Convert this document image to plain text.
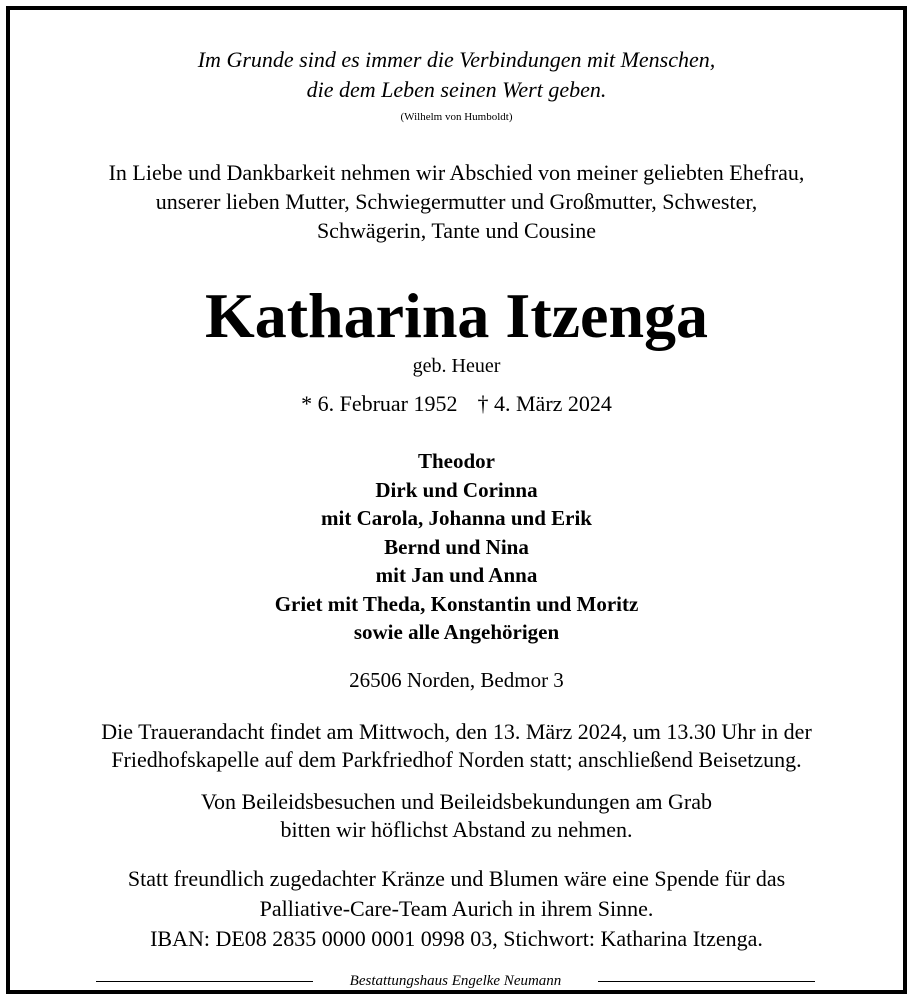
Im Grunde sind es immer die Verbindungen mit Menschen,
die dem Leben seinen Wert geben.
(Wilhelm von Humboldt)
In Liebe und Dankbarkeit nehmen wir Abschied von meiner geliebten Ehefrau,
unserer lieben Mutter, Schwiegermutter und Großmutter, Schwester,
Schwägerin, Tante und Cousine
Katharina Itzenga
geb. Heuer
* 6. Februar 1952 † 4. März 2024
Theodor
Dirk und Corinna
mit Carola, Johanna und Erik
Bernd und Nina
mit Jan und Anna
Griet mit Theda, Konstantin und Moritz
sowie alle Angehörigen
26506 Norden, Bedmor 3
Die Trauerandacht findet am Mittwoch, den 13. März 2024, um 13.30 Uhr in der
Friedhofskapelle auf dem Parkfriedhof Norden statt; anschließend Beisetzung.
Von Beileidsbesuchen und Beileidsbekundungen am Grab
bitten wir höflichst Abstand zu nehmen.
Statt freundlich zugedachter Kränze und Blumen wäre eine Spende für das
Palliative-Care-Team Aurich in ihrem Sinne.
IBAN: DE08 2835 0000 0001 0998 03, Stichwort: Katharina Itzenga.
Bestattungshaus Engelke Neumann
